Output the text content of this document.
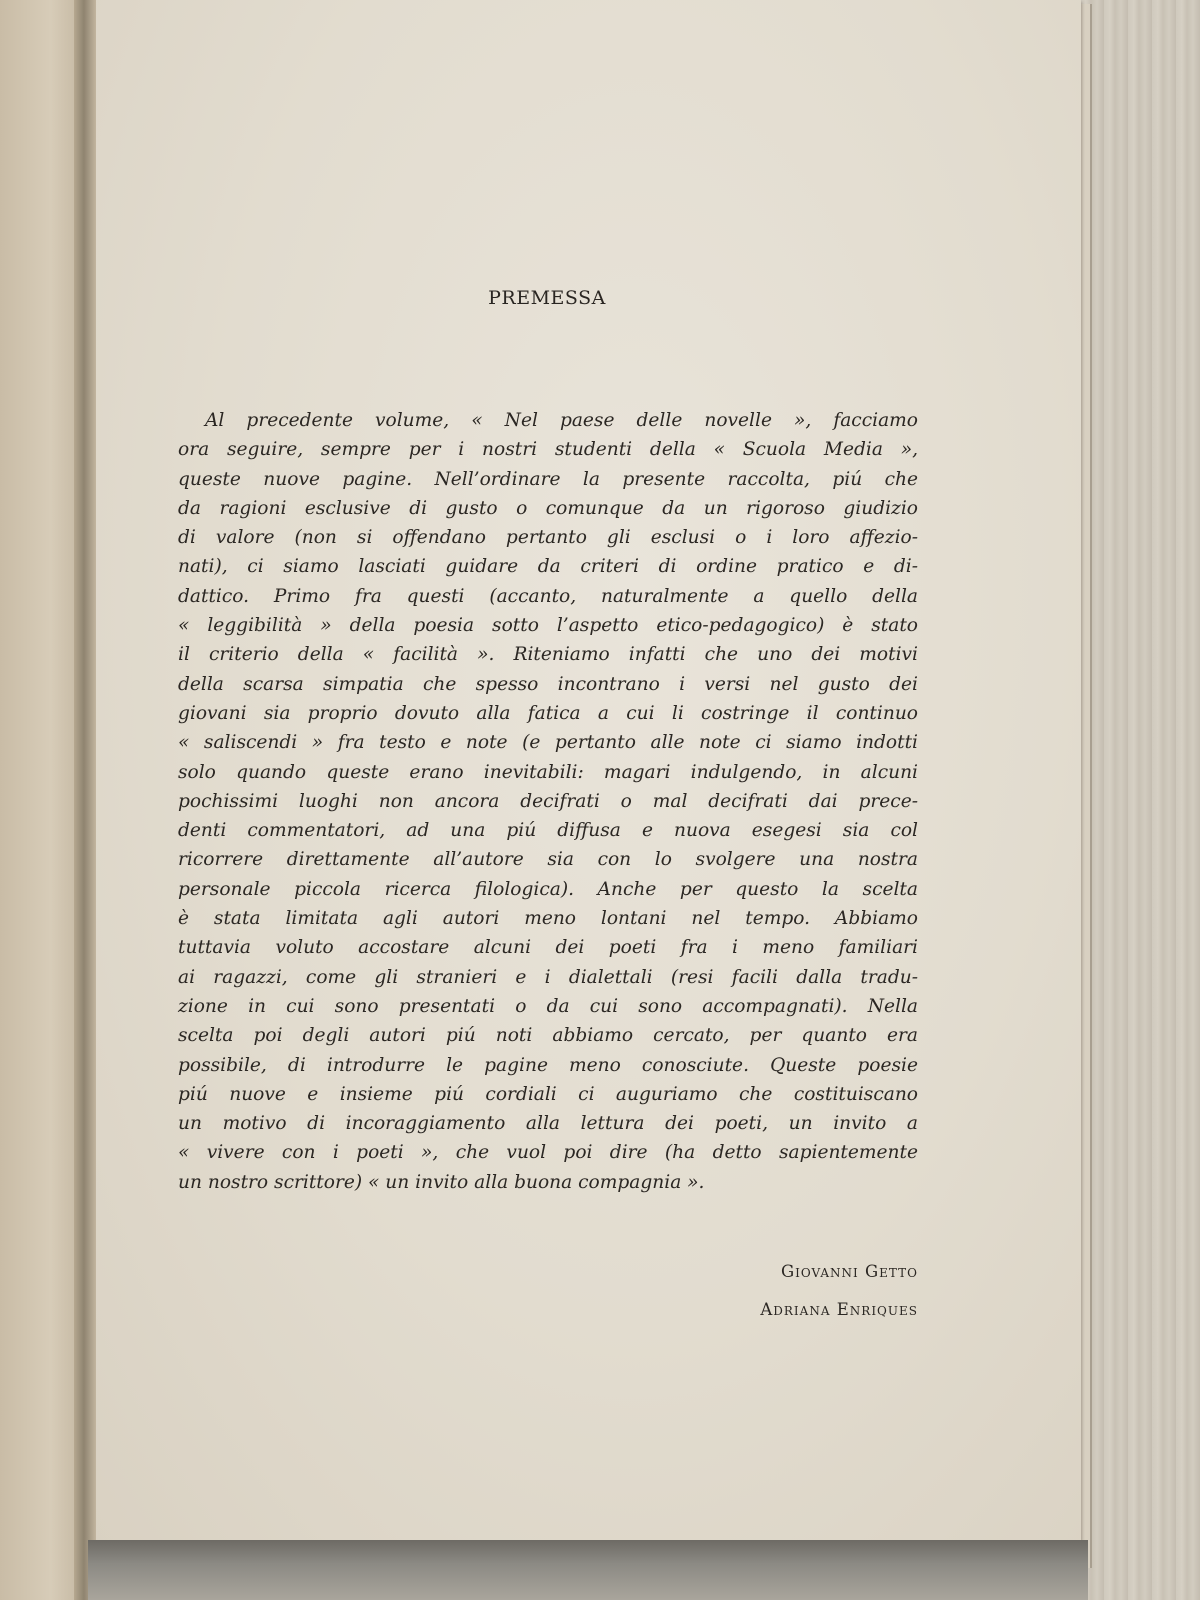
PREMESSA
Al precedente volume, « Nel paese delle novelle », facciamo
ora seguire, sempre per i nostri studenti della « Scuola Media »,
queste nuove pagine. Nell’ordinare la presente raccolta, piú che
da ragioni esclusive di gusto o comunque da un rigoroso giudizio
di valore (non si offendano pertanto gli esclusi o i loro affezio-
nati), ci siamo lasciati guidare da criteri di ordine pratico e di-
dattico. Primo fra questi (accanto, naturalmente a quello della
« leggibilità » della poesia sotto l’aspetto etico-pedagogico) è stato
il criterio della « facilità ». Riteniamo infatti che uno dei motivi
della scarsa simpatia che spesso incontrano i versi nel gusto dei
giovani sia proprio dovuto alla fatica a cui li costringe il continuo
« saliscendi » fra testo e note (e pertanto alle note ci siamo indotti
solo quando queste erano inevitabili: magari indulgendo, in alcuni
pochissimi luoghi non ancora decifrati o mal decifrati dai prece-
denti commentatori, ad una piú diffusa e nuova esegesi sia col
ricorrere direttamente all’autore sia con lo svolgere una nostra
personale piccola ricerca filologica). Anche per questo la scelta
è stata limitata agli autori meno lontani nel tempo. Abbiamo
tuttavia voluto accostare alcuni dei poeti fra i meno familiari
ai ragazzi, come gli stranieri e i dialettali (resi facili dalla tradu-
zione in cui sono presentati o da cui sono accompagnati). Nella
scelta poi degli autori piú noti abbiamo cercato, per quanto era
possibile, di introdurre le pagine meno conosciute. Queste poesie
piú nuove e insieme piú cordiali ci auguriamo che costituiscano
un motivo di incoraggiamento alla lettura dei poeti, un invito a
« vivere con i poeti », che vuol poi dire (ha detto sapientemente
un nostro scrittore) « un invito alla buona compagnia ».
Giovanni Getto
Adriana Enriques
